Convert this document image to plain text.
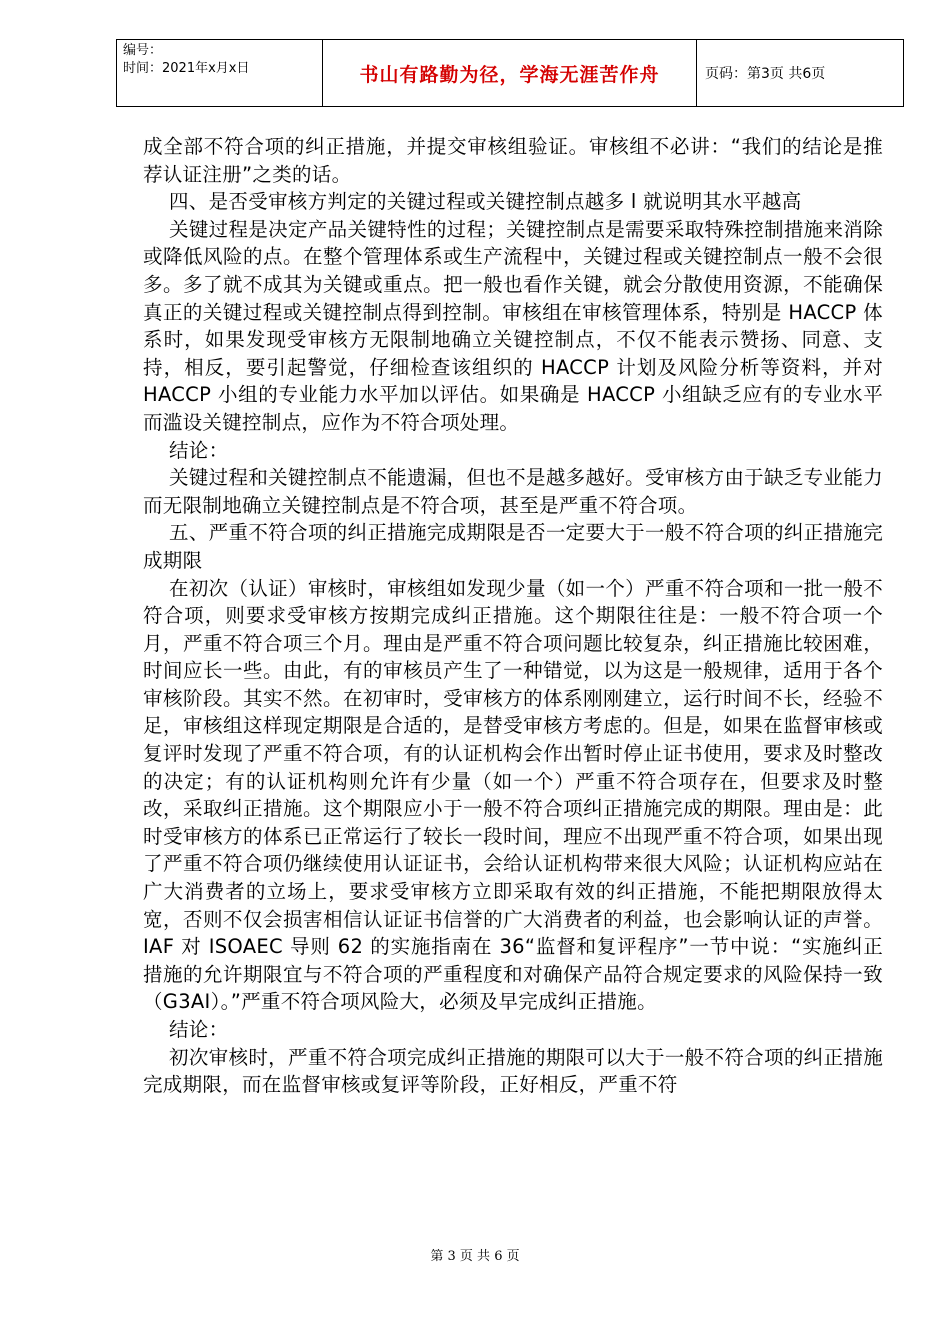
编号：
时间：2021年x月x日	书山有路勤为径，学海无涯苦作舟	页码：第3页 共6页

成全部不符合项的纠正措施，并提交审核组验证。审核组不必讲：“我们的结论是推荐认证注册”之类的话。

四、是否受审核方判定的关键过程或关键控制点越多 l 就说明其水平越高

关键过程是决定产品关键特性的过程；关键控制点是需要采取特殊控制措施来消除或降低风险的点。在整个管理体系或生产流程中，关键过程或关键控制点一般不会很多。多了就不成其为关键或重点。把一般也看作关键，就会分散使用资源，不能确保真正的关键过程或关键控制点得到控制。审核组在审核管理体系，特别是 HACCP 体系时，如果发现受审核方无限制地确立关键控制点，不仅不能表示赞扬、同意、支持，相反，要引起警觉，仔细检查该组织的 HACCP 计划及风险分析等资料，并对 HACCP 小组的专业能力水平加以评估。如果确是 HACCP 小组缺乏应有的专业水平而滥设关键控制点，应作为不符合项处理。

结论：

关键过程和关键控制点不能遗漏，但也不是越多越好。受审核方由于缺乏专业能力而无限制地确立关键控制点是不符合项，甚至是严重不符合项。

五、严重不符合项的纠正措施完成期限是否一定要大于一般不符合项的纠正措施完成期限

在初次（认证）审核时，审核组如发现少量（如一个）严重不符合项和一批一般不符合项，则要求受审核方按期完成纠正措施。这个期限往往是：一般不符合项一个月，严重不符合项三个月。理由是严重不符合项问题比较复杂，纠正措施比较困难，时间应长一些。由此，有的审核员产生了一种错觉，以为这是一般规律，适用于各个审核阶段。其实不然。在初审时，受审核方的体系刚刚建立，运行时间不长，经验不足，审核组这样现定期限是合适的，是替受审核方考虑的。但是，如果在监督审核或复评时发现了严重不符合项，有的认证机构会作出暂时停止证书使用，要求及时整改的决定；有的认证机构则允许有少量（如一个）严重不符合项存在，但要求及时整改，采取纠正措施。这个期限应小于一般不符合项纠正措施完成的期限。理由是：此时受审核方的体系已正常运行了较长一段时间，理应不出现严重不符合项，如果出现了严重不符合项仍继续使用认证证书，会给认证机构带来很大风险；认证机构应站在广大消费者的立场上，要求受审核方立即采取有效的纠正措施，不能把期限放得太宽，否则不仅会损害相信认证证书信誉的广大消费者的利益，也会影响认证的声誉。IAF 对 ISOAEC 导则 62 的实施指南在 36“监督和复评程序”一节中说：“实施纠正措施的允许期限宜与不符合项的严重程度和对确保产品符合规定要求的风险保持一致（G3AI）。”严重不符合项风险大，必须及早完成纠正措施。

结论：

初次审核时，严重不符合项完成纠正措施的期限可以大于一般不符合项的纠正措施完成期限，而在监督审核或复评等阶段，正好相反，严重不符

第 3 页 共 6 页
